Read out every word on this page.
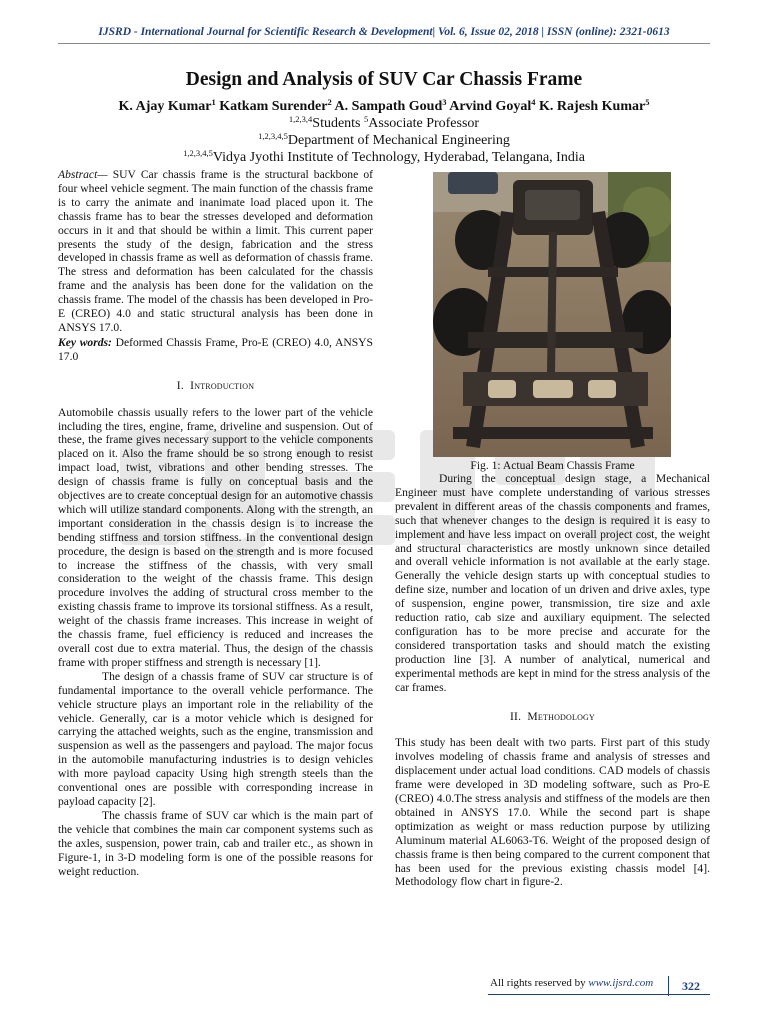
IJSRD - International Journal for Scientific Research & Development| Vol. 6, Issue 02, 2018 | ISSN (online): 2321-0613
Design and Analysis of SUV Car Chassis Frame
K. Ajay Kumar$^1$ Katkam Surender$^2$ A. Sampath Goud$^3$ Arvind Goyal$^4$ K. Rajesh Kumar$^5$
$^{1,2,3,4}$Students $^5$Associate Professor
$^{1,2,3,4,5}$Department of Mechanical Engineering
$^{1,2,3,4,5}$Vidya Jyothi Institute of Technology, Hyderabad, Telangana, India

Abstract— SUV Car chassis frame is the structural backbone of four wheel vehicle segment. The main function of the chassis frame is to carry the animate and inanimate load placed upon it. The chassis frame has to bear the stresses developed and deformation occurs in it and that should be within a limit. This current paper presents the study of the design, fabrication and the stress developed in chassis frame as well as deformation of chassis frame. The stress and deformation has been calculated for the chassis frame and the analysis has been done for the validation on the chassis frame. The model of the chassis has been developed in Pro-E (CREO) 4.0 and static structural analysis has been done in ANSYS 17.0.

Key words: Deformed Chassis Frame, Pro-E (CREO) 4.0, ANSYS 17.0

I. Introduction

Automobile chassis usually refers to the lower part of the vehicle including the tires, engine, frame, driveline and suspension. Out of these, the frame gives necessary support to the vehicle components placed on it. Also the frame should be so strong enough to resist impact load, twist, vibrations and other bending stresses. The design of chassis frame is fully on conceptual basis and the objectives are to create conceptual design for an automotive chassis which will utilize standard components. Along with the strength, an important consideration in the chassis design is to increase the bending stiffness and torsion stiffness. In the conventional design procedure, the design is based on the strength and is more focused to increase the stiffness of the chassis, with very small consideration to the weight of the chassis frame. This design procedure involves the adding of structural cross member to the existing chassis frame to improve its torsional stiffness. As a result, weight of the chassis frame increases. This increase in weight of the chassis frame, fuel efficiency is reduced and increases the overall cost due to extra material. Thus, the design of the chassis frame with proper stiffness and strength is necessary [1].

The design of a chassis frame of SUV car structure is of fundamental importance to the overall vehicle performance. The vehicle structure plays an important role in the reliability of the vehicle. Generally, car is a motor vehicle which is designed for carrying the attached weights, such as the engine, transmission and suspension as well as the passengers and payload. The major focus in the automobile manufacturing industries is to design vehicles with more payload capacity Using high strength steels than the conventional ones are possible with corresponding increase in payload capacity [2].

The chassis frame of SUV car which is the main part of the vehicle that combines the main car component systems such as the axles, suspension, power train, cab and trailer etc., as shown in Figure-1, in 3-D modeling form is one of the possible reasons for weight reduction.

Fig. 1: Actual Beam Chassis Frame

During the conceptual design stage, a Mechanical Engineer must have complete understanding of various stresses prevalent in different areas of the chassis components and frames, such that whenever changes to the design is required it is easy to implement and have less impact on overall project cost, the weight and structural characteristics are mostly unknown since detailed and overall vehicle information is not available at the early stage. Generally the vehicle design starts up with conceptual studies to define size, number and location of un driven and drive axles, type of suspension, engine power, transmission, tire size and axle reduction ratio, cab size and auxiliary equipment. The selected configuration has to be more precise and accurate for the considered transportation tasks and should match the existing production line [3]. A number of analytical, numerical and experimental methods are kept in mind for the stress analysis of the car frames.

II. Methodology

This study has been dealt with two parts. First part of this study involves modeling of chassis frame and analysis of stresses and displacement under actual load conditions. CAD models of chassis frame were developed in 3D modeling software, such as Pro-E (CREO) 4.0.The stress analysis and stiffness of the models are then obtained in ANSYS 17.0. While the second part is shape optimization as weight or mass reduction purpose by utilizing Aluminum material AL6063-T6. Weight of the proposed design of chassis frame is then being compared to the current component that has been used for the previous existing chassis model [4]. Methodology flow chart in figure-2.

All rights reserved by www.ijsrd.com	322
